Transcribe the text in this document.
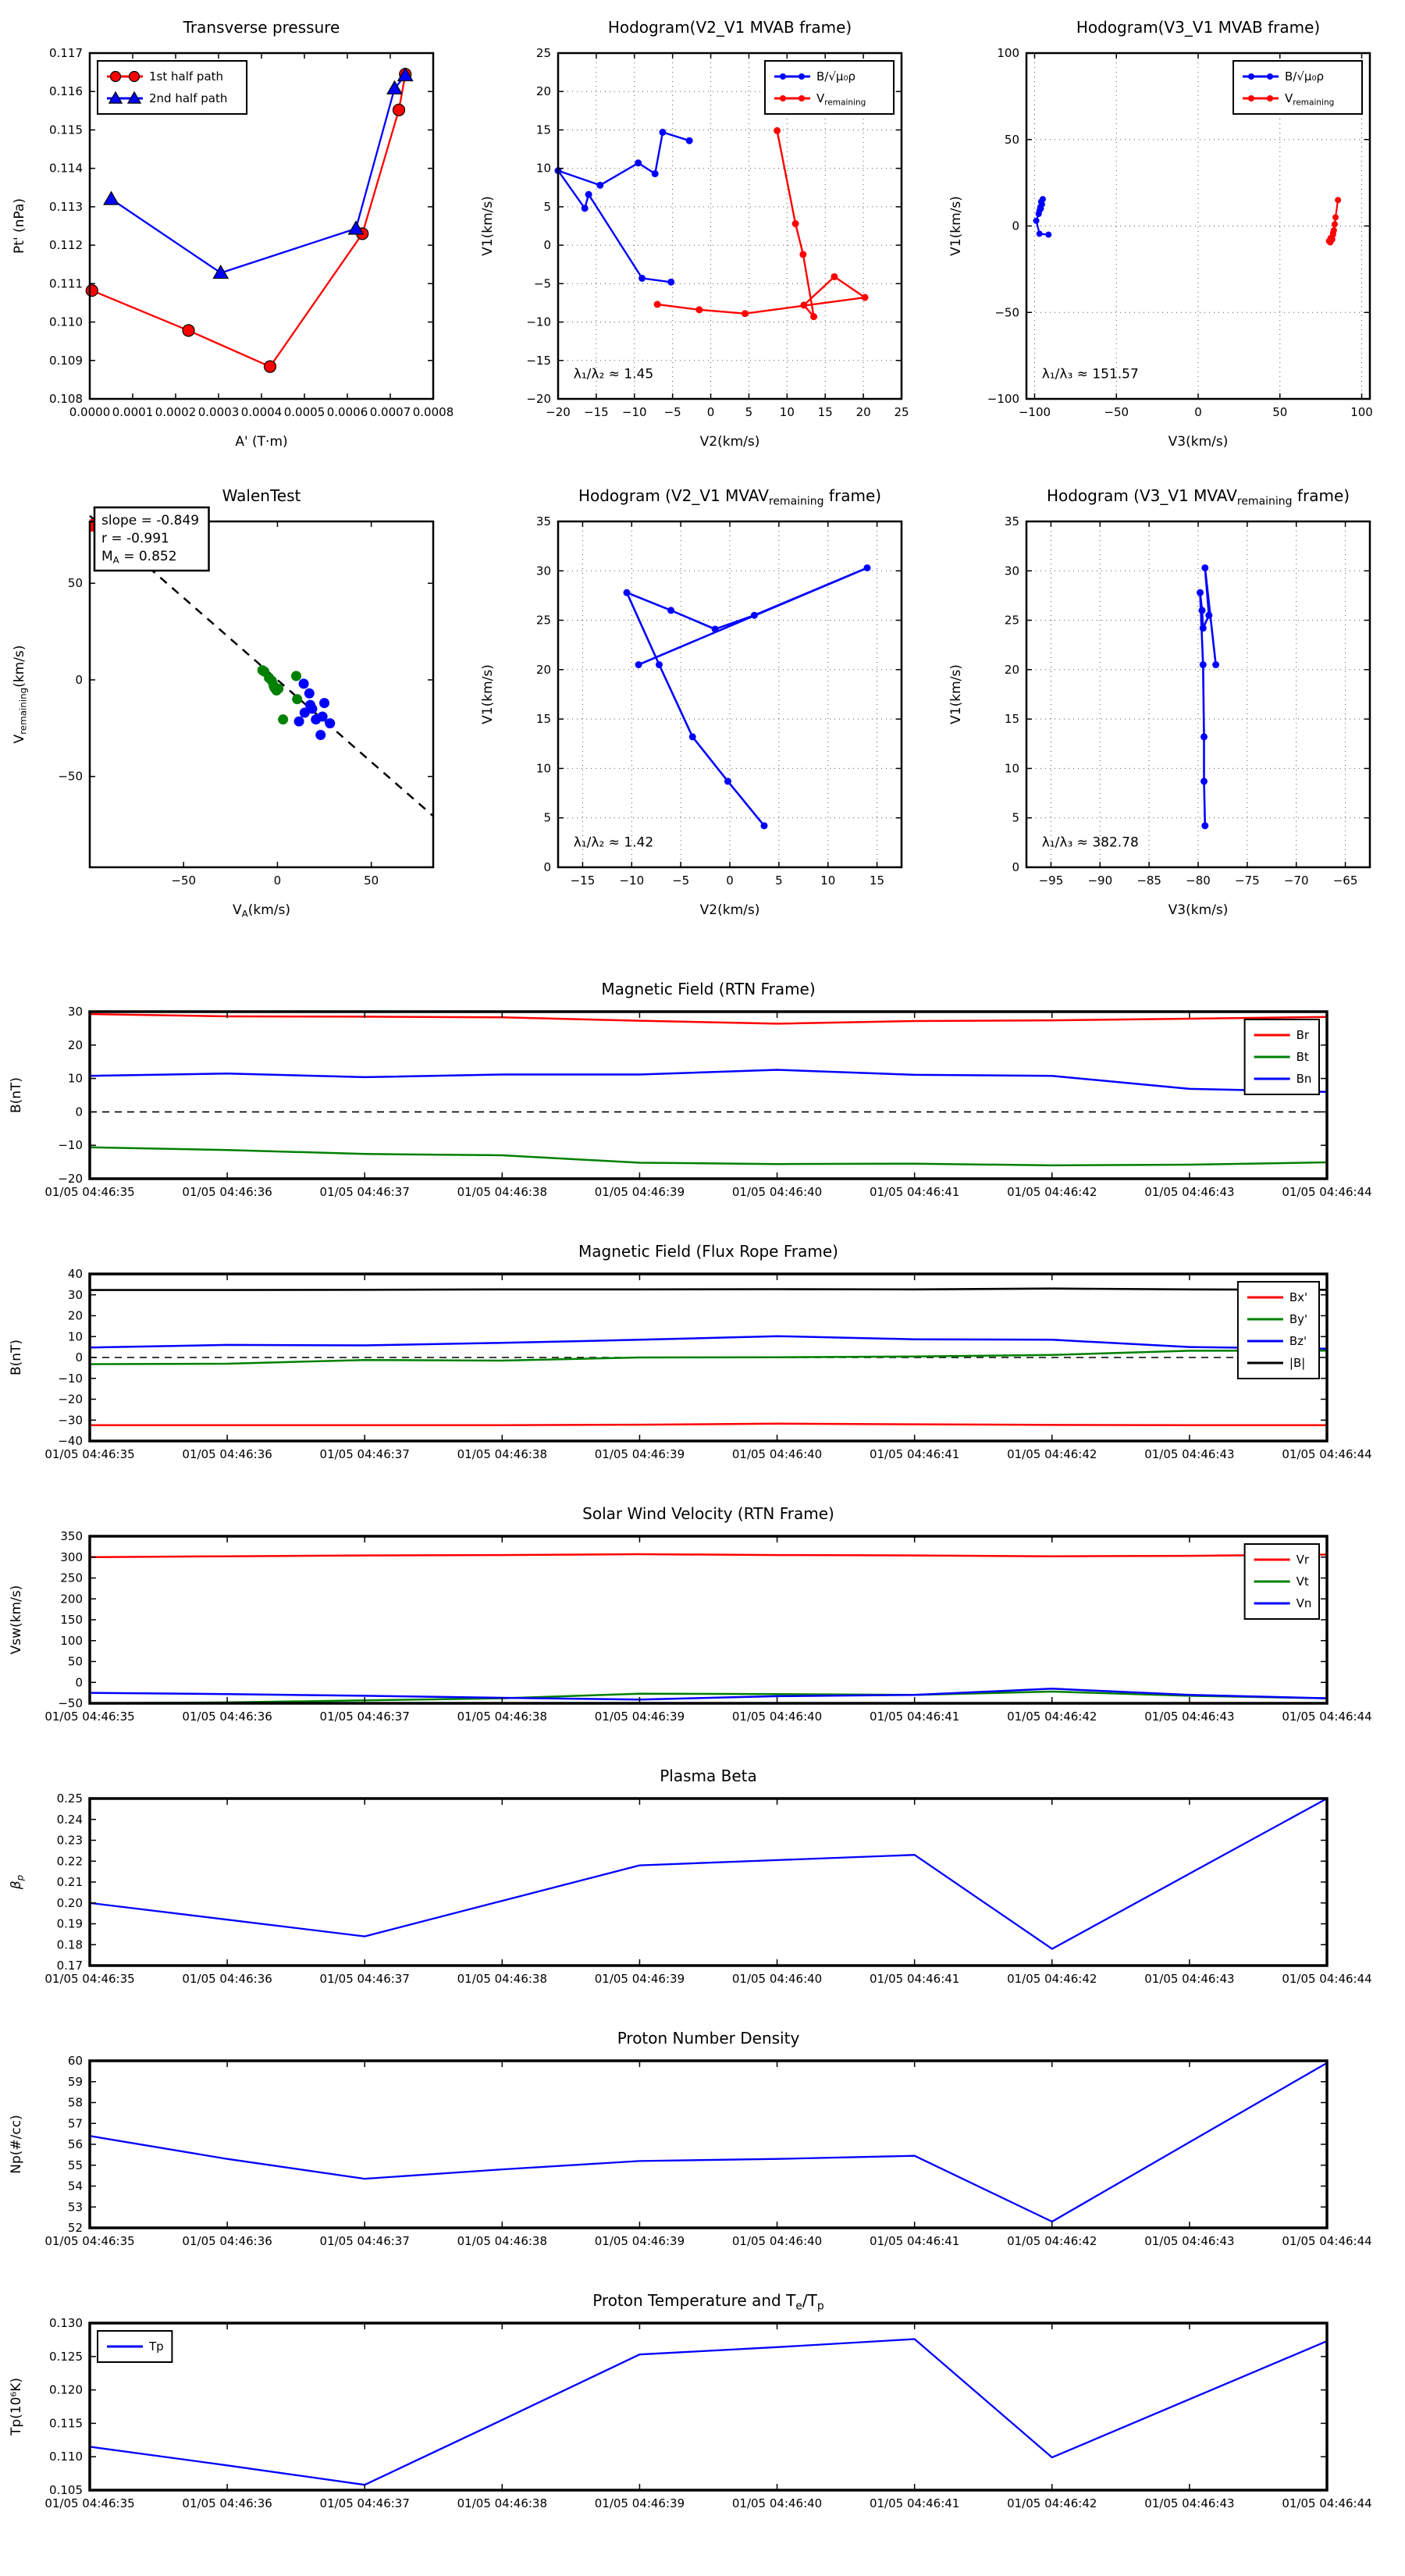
0.0000 0.0001 0.0002 0.0003 0.0004 0.0005 0.0006 0.0007 0.0008
0.108
0.109
0.110
0.111
0.112
0.113
0.114
0.115
0.116
0.117
Transverse pressure
A' (T·m)
Pt' (nPa)
1st half path
2nd half path
−20 −15 −10 −5 0	5 10 15 20 25
−20
−15
−10
−5
0
5
10
15
20
25
Hodogram(V2_V1 MVAB frame)
V2(km/s)
V1(km/s)
B/√μ₀ρ
$V_{remaining}$
λ₁/λ₂ ≈ 1.45
−100	−50	0	50	100
−100
−50
0
50
100
Hodogram(V3_V1 MVAB frame)
V3(km/s)
V1(km/s)
B/√μ₀ρ
$V_{remaining}$
λ₁/λ₃ ≈ 151.57
−50	0	50
−50
0
50
WalenTest
$V_A(km/s)$
$V_{remaining}(km/s)$
slope = -0.849
r = -0.991
$M_A = 0.852$
−15 −10 −5	0	5	10	15
0
5
10
15
20
25
30
35
Hodogram (V2_V1 $MVAV_{remaining}$ frame)
V2(km/s)
V1(km/s)
λ₁/λ₂ ≈ 1.42
−95 −90 −85 −80 −75 −70 −65
0
5
10
15
20
25
30
35
Hodogram (V3_V1 $MVAV_{remaining}$ frame)
V3(km/s)
V1(km/s)
λ₁/λ₃ ≈ 382.78
01/05 04:46:35	01/05 04:46:36	01/05 04:46:37	01/05 04:46:38	01/05 04:46:39	01/05 04:46:40	01/05 04:46:41	01/05 04:46:42	01/05 04:46:43	01/05 04:46:44
−20
−10
0
10
20
30
Magnetic Field (RTN Frame)
B(nT)
Br
Bt
Bn
01/05 04:46:35	01/05 04:46:36	01/05 04:46:37	01/05 04:46:38	01/05 04:46:39	01/05 04:46:40	01/05 04:46:41	01/05 04:46:42	01/05 04:46:43	01/05 04:46:44
−40
−30
−20
−10
0
10
20
30
40
Magnetic Field (Flux Rope Frame)
B(nT)
Bx'
By'
Bz'
|B|
01/05 04:46:35	01/05 04:46:36	01/05 04:46:37	01/05 04:46:38	01/05 04:46:39	01/05 04:46:40	01/05 04:46:41	01/05 04:46:42	01/05 04:46:43	01/05 04:46:44
−50
0
50
100
150
200
250
300
350
Solar Wind Velocity (RTN Frame)
Vsw(km/s)
Vr
Vt
Vn
01/05 04:46:35	01/05 04:46:36	01/05 04:46:37	01/05 04:46:38	01/05 04:46:39	01/05 04:46:40	01/05 04:46:41	01/05 04:46:42	01/05 04:46:43	01/05 04:46:44
0.17
0.18
0.19
0.20
0.21
0.22
0.23
0.24
0.25
Plasma Beta
$\beta_p$
01/05 04:46:35	01/05 04:46:36	01/05 04:46:37	01/05 04:46:38	01/05 04:46:39	01/05 04:46:40	01/05 04:46:41	01/05 04:46:42	01/05 04:46:43	01/05 04:46:44
52
53
54
55
56
57
58
59
60
Proton Number Density
Np(#/cc)
01/05 04:46:35	01/05 04:46:36	01/05 04:46:37	01/05 04:46:38	01/05 04:46:39	01/05 04:46:40	01/05 04:46:41	01/05 04:46:42	01/05 04:46:43	01/05 04:46:44
0.105
0.110
0.115
0.120
0.125
0.130
Proton Temperature and $T_e/T_p$
Tp(10⁶K)
Tp
